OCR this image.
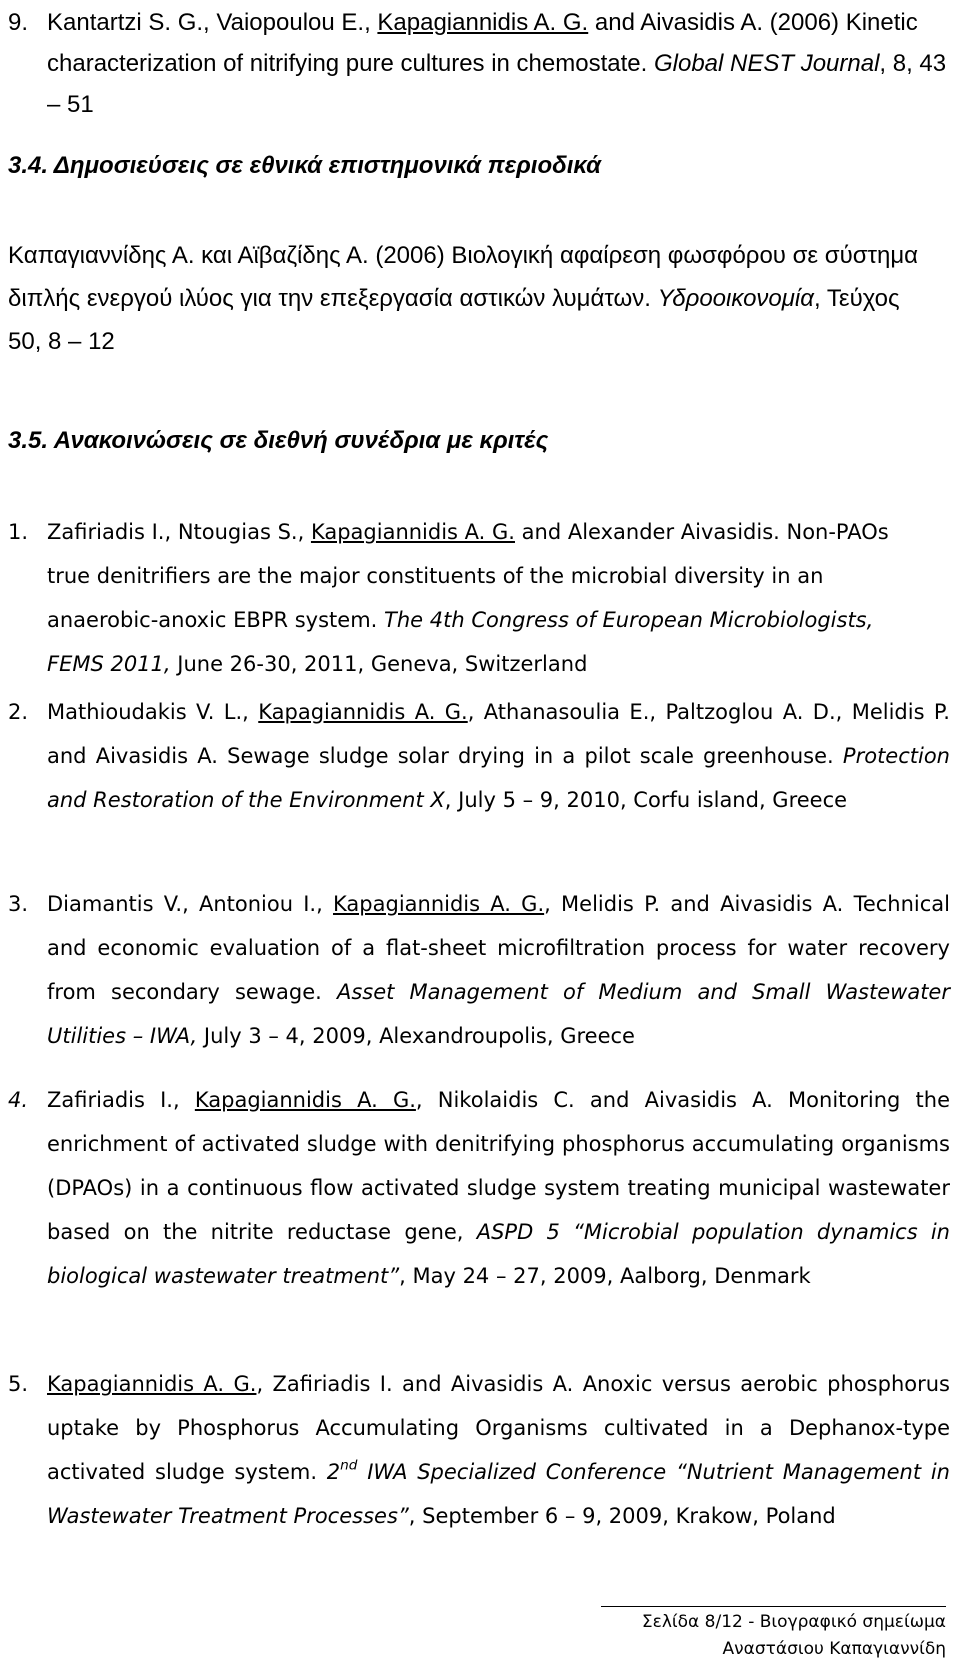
9. Kantartzi S. G., Vaiopoulou E., Kapagiannidis A. G. and Aivasidis A. (2006) Kinetic characterization of nitrifying pure cultures in chemostate. Global NEST Journal, 8, 43 – 51
3.4. Δημοσιεύσεις σε εθνικά επιστημονικά περιοδικά
Καπαγιαννίδης Α. και Αϊβαζίδης Α. (2006) Βιολογική αφαίρεση φωσφόρου σε σύστημα διπλής ενεργού ιλύος για την επεξεργασία αστικών λυμάτων. Υδροοικονομία, Τεύχος 50, 8 – 12
3.5. Ανακοινώσεις σε διεθνή συνέδρια με κριτές
1. Zafiriadis I., Ntougias S., Kapagiannidis A. G. and Alexander Aivasidis. Non-PAOs true denitrifiers are the major constituents of the microbial diversity in an anaerobic-anoxic EBPR system. The 4th Congress of European Microbiologists, FEMS 2011, June 26-30, 2011, Geneva, Switzerland
2. Mathioudakis V. L., Kapagiannidis A. G., Athanasoulia E., Paltzoglou A. D., Melidis P. and Aivasidis A. Sewage sludge solar drying in a pilot scale greenhouse. Protection and Restoration of the Environment X, July 5 – 9, 2010, Corfu island, Greece
3. Diamantis V., Antoniou I., Kapagiannidis A. G., Melidis P. and Aivasidis A. Technical and economic evaluation of a flat-sheet microfiltration process for water recovery from secondary sewage. Asset Management of Medium and Small Wastewater Utilities – IWA, July 3 – 4, 2009, Alexandroupolis, Greece
4. Zafiriadis I., Kapagiannidis A. G., Nikolaidis C. and Aivasidis A. Monitoring the enrichment of activated sludge with denitrifying phosphorus accumulating organisms (DPAOs) in a continuous flow activated sludge system treating municipal wastewater based on the nitrite reductase gene, ASPD 5 “Microbial population dynamics in biological wastewater treatment”, May 24 – 27, 2009, Aalborg, Denmark
5. Kapagiannidis A. G., Zafiriadis I. and Aivasidis A. Anoxic versus aerobic phosphorus uptake by Phosphorus Accumulating Organisms cultivated in a Dephanox-type activated sludge system. 2nd IWA Specialized Conference “Nutrient Management in Wastewater Treatment Processes”, September 6 – 9, 2009, Krakow, Poland
Σελίδα 8/12 - Βιογραφικό σημείωμα
Αναστάσιου Καπαγιαννίδη
